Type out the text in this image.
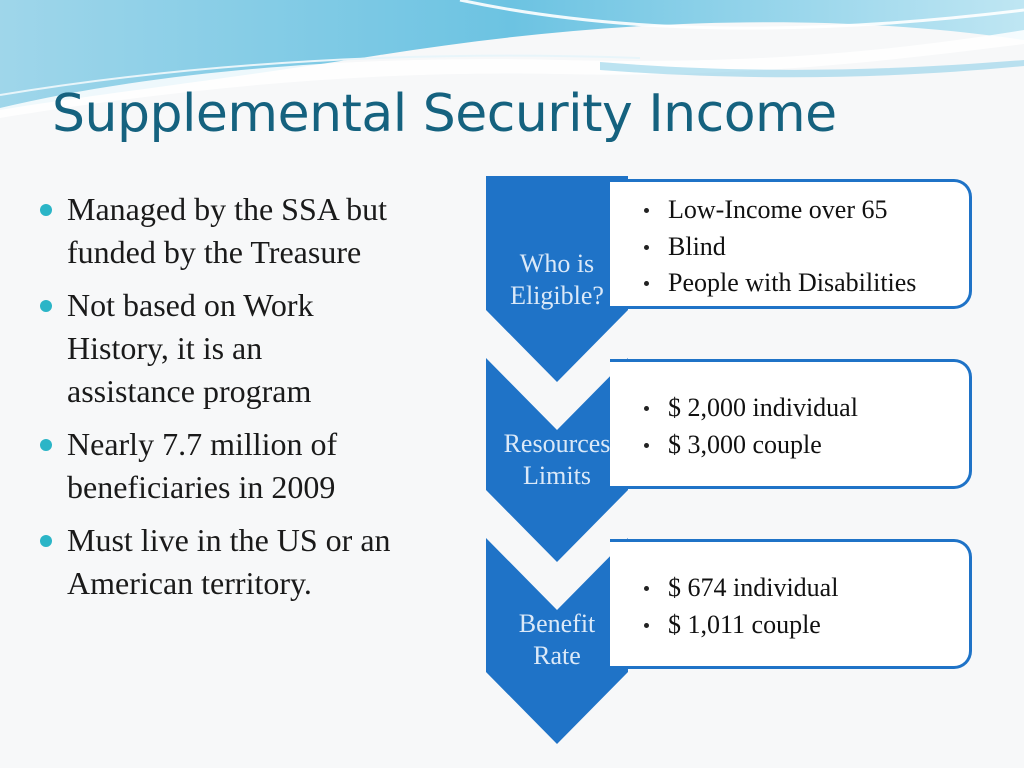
Supplemental Security Income
Managed by the SSA but
funded by the Treasure
Not based on Work
History, it is an
assistance program
Nearly 7.7 million of
beneficiaries in 2009
Must live in the US or an
American territory.
Who is
Eligible?
Resources
Limits
Benefit
Rate
Low-Income over 65
Blind
People with Disabilities
$ 2,000 individual
$ 3,000 couple
$ 674 individual
$ 1,011 couple
